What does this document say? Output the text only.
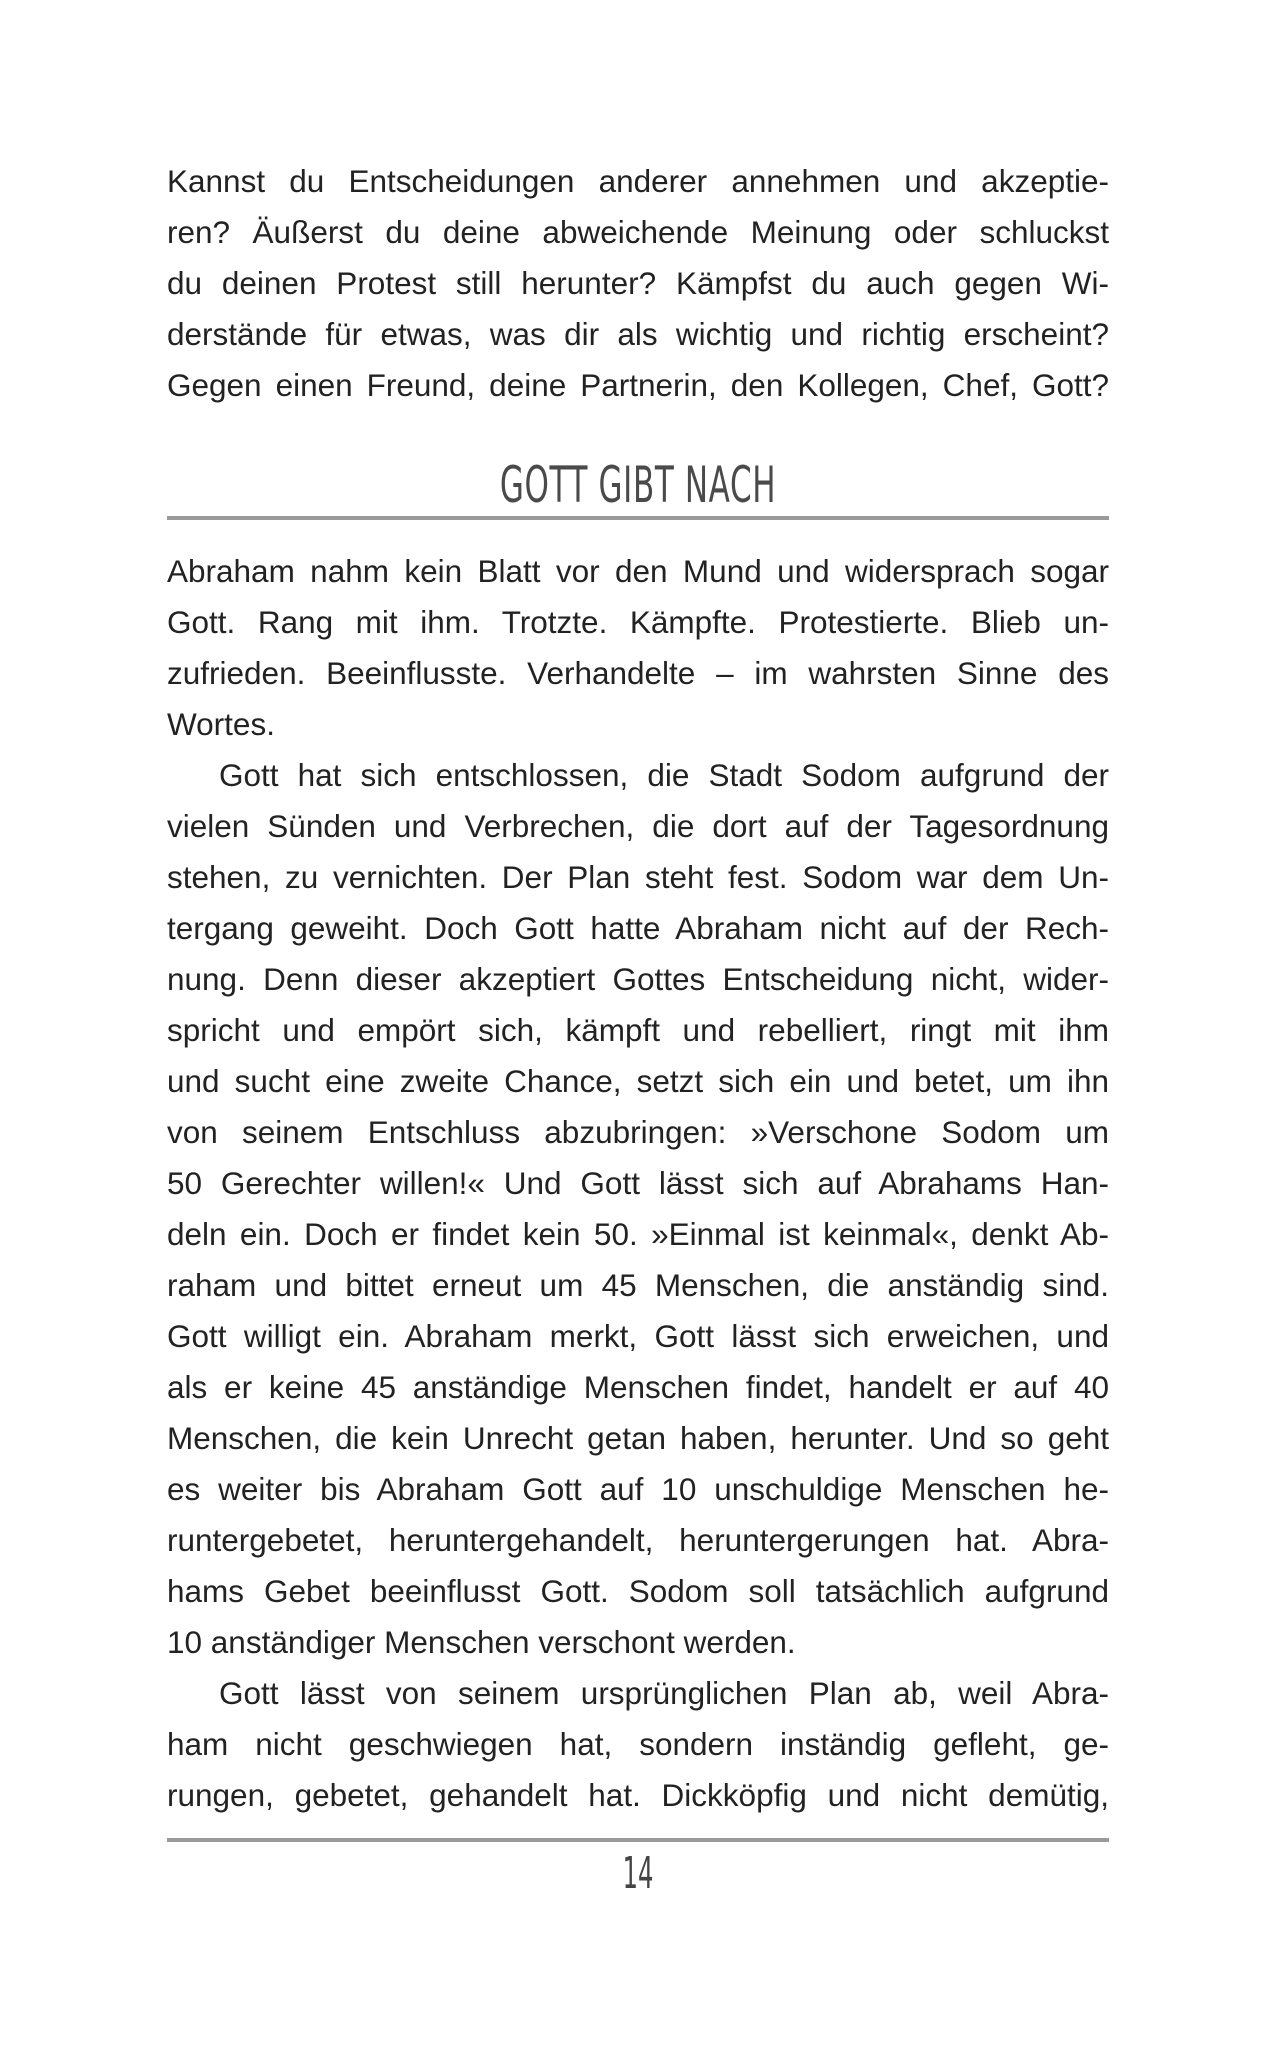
Kannst du Entscheidungen anderer annehmen und akzeptie-
ren? Äußerst du deine abweichende Meinung oder schluckst
du deinen Protest still herunter? Kämpfst du auch gegen Wi-
derstände für etwas, was dir als wichtig und richtig erscheint?
Gegen einen Freund, deine Partnerin, den Kollegen, Chef, Gott?
GOTT GIBT NACH
Abraham nahm kein Blatt vor den Mund und widersprach sogar
Gott. Rang mit ihm. Trotzte. Kämpfte. Protestierte. Blieb un-
zufrieden. Beeinflusste. Verhandelte – im wahrsten Sinne des
Wortes.
Gott hat sich entschlossen, die Stadt Sodom aufgrund der
vielen Sünden und Verbrechen, die dort auf der Tagesordnung
stehen, zu vernichten. Der Plan steht fest. Sodom war dem Un-
tergang geweiht. Doch Gott hatte Abraham nicht auf der Rech-
nung. Denn dieser akzeptiert Gottes Entscheidung nicht, wider-
spricht und empört sich, kämpft und rebelliert, ringt mit ihm
und sucht eine zweite Chance, setzt sich ein und betet, um ihn
von seinem Entschluss abzubringen: »Verschone Sodom um
50 Gerechter willen!« Und Gott lässt sich auf Abrahams Han-
deln ein. Doch er findet kein 50. »Einmal ist keinmal«, denkt Ab-
raham und bittet erneut um 45 Menschen, die anständig sind.
Gott willigt ein. Abraham merkt, Gott lässt sich erweichen, und
als er keine 45 anständige Menschen findet, handelt er auf 40
Menschen, die kein Unrecht getan haben, herunter. Und so geht
es weiter bis Abraham Gott auf 10 unschuldige Menschen he-
runtergebetet, heruntergehandelt, heruntergerungen hat. Abra-
hams Gebet beeinflusst Gott. Sodom soll tatsächlich aufgrund
10 anständiger Menschen verschont werden.
Gott lässt von seinem ursprünglichen Plan ab, weil Abra-
ham nicht geschwiegen hat, sondern inständig gefleht, ge-
rungen, gebetet, gehandelt hat. Dickköpfig und nicht demütig,
14
